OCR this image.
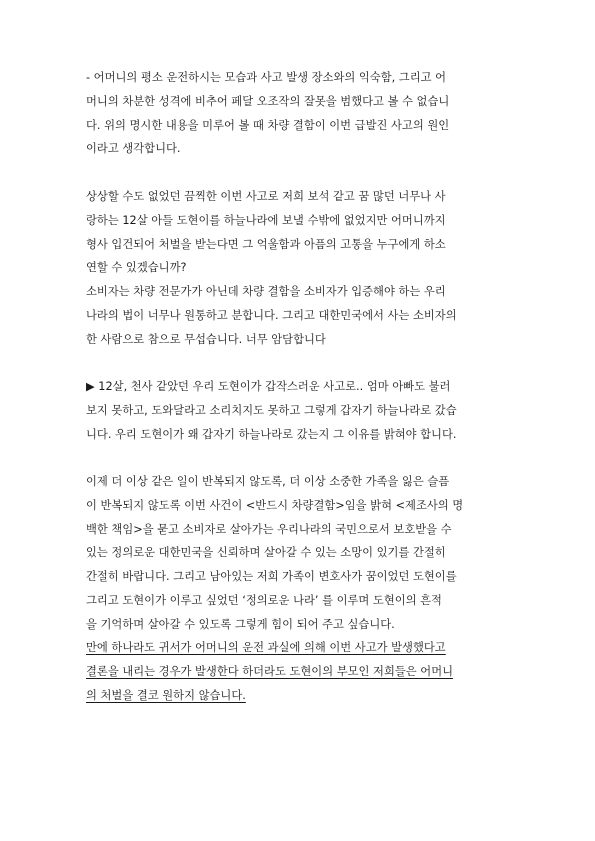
- 어머니의 평소 운전하시는 모습과 사고 발생 장소와의 익숙함, 그리고 어
머니의 차분한 성격에 비추어 페달 오조작의 잘못을 범했다고 볼 수 없습니
다. 위의 명시한 내용을 미루어 볼 때 차량 결함이 이번 급발진 사고의 원인
이라고 생각합니다.
상상할 수도 없었던 끔찍한 이번 사고로 저희 보석 같고 꿈 많던 너무나 사
랑하는 12살 아들 도현이를 하늘나라에 보낼 수밖에 없었지만 어머니까지
형사 입건되어 처벌을 받는다면 그 억울함과 아픔의 고통을 누구에게 하소
연할 수 있겠습니까?
소비자는 차량 전문가가 아닌데 차량 결함을 소비자가 입증해야 하는 우리
나라의 법이 너무나 원통하고 분합니다. 그리고 대한민국에서 사는 소비자의
한 사람으로 참으로 무섭습니다. 너무 암담합니다
▶ 12살, 천사 같았던 우리 도현이가 갑작스러운 사고로.. 엄마 아빠도 불러
보지 못하고, 도와달라고 소리치지도 못하고 그렇게 갑자기 하늘나라로 갔습
니다. 우리 도현이가 왜 갑자기 하늘나라로 갔는지 그 이유를 밝혀야 합니다.
이제 더 이상 같은 일이 반복되지 않도록, 더 이상 소중한 가족을 잃은 슬픔
이 반복되지 않도록 이번 사건이 <반드시 차량결함>임을 밝혀 <제조사의 명
백한 책임>을 묻고 소비자로 살아가는 우리나라의 국민으로서 보호받을 수
있는 정의로운 대한민국을 신뢰하며 살아갈 수 있는 소망이 있기를 간절히
간절히 바랍니다. 그리고 남아있는 저희 가족이 변호사가 꿈이었던 도현이를
그리고 도현이가 이루고 싶었던 ‘정의로운 나라’ 를 이루며 도현이의 흔적
을 기억하며 살아갈 수 있도록 그렇게 힘이 되어 주고 싶습니다.
만에 하나라도 귀서가 어머니의 운전 과실에 의해 이번 사고가 발생했다고
결론을 내리는 경우가 발생한다 하더라도 도현이의 부모인 저희들은 어머니
의 처벌을 결코 원하지 않습니다.
